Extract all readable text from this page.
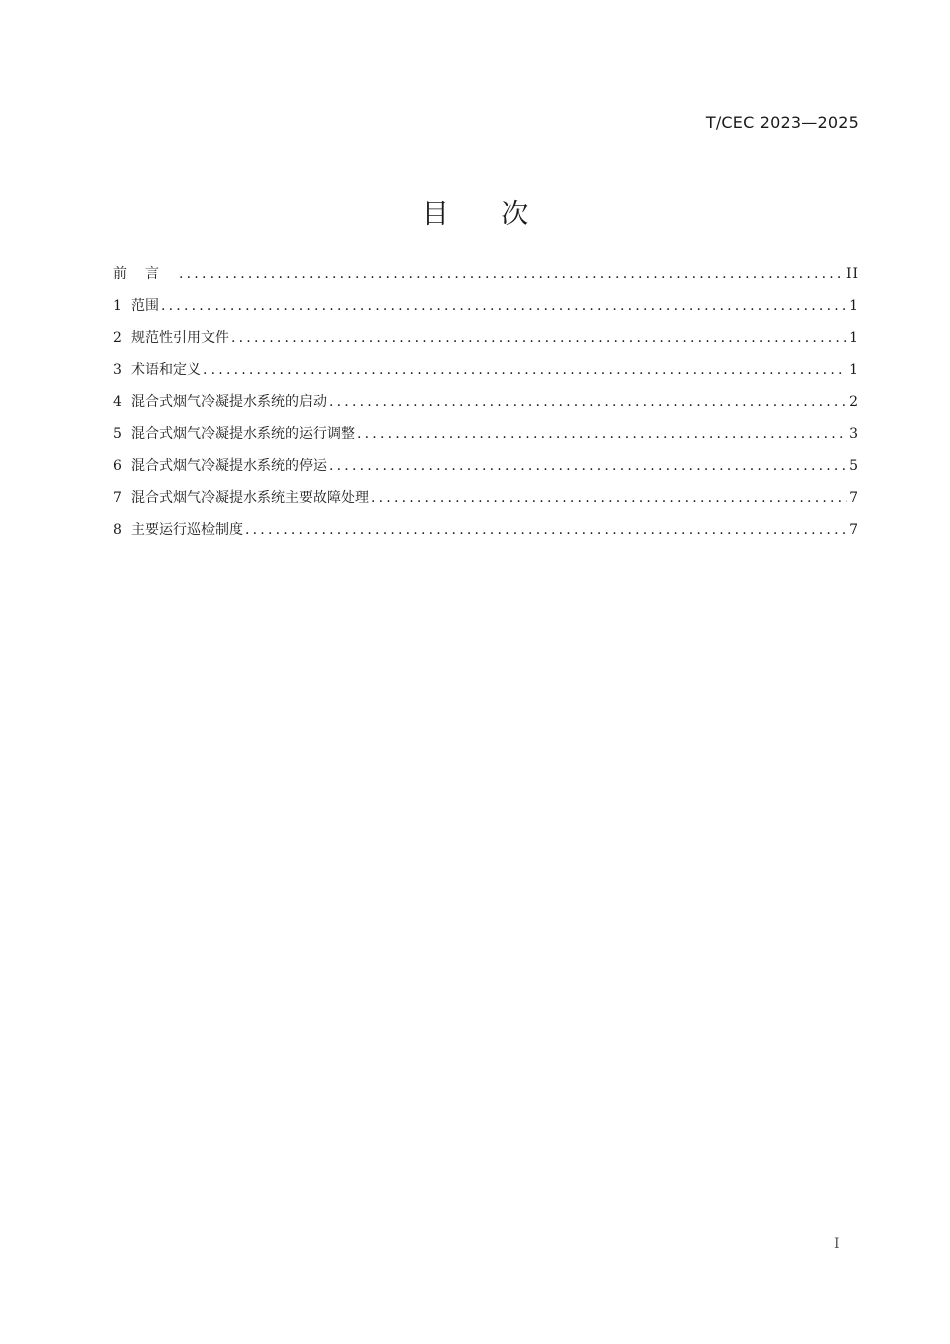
T/CEC 2023—2025
目 次
前言 .....	II
1 范围 .....	1
2 规范性引用文件 .....	1
3 术语和定义 .....	1
4 混合式烟气冷凝提水系统的启动 .....	2
5 混合式烟气冷凝提水系统的运行调整 .....	3
6 混合式烟气冷凝提水系统的停运 .....	5
7 混合式烟气冷凝提水系统主要故障处理 .....	7
8 主要运行巡检制度 .....	7
I
